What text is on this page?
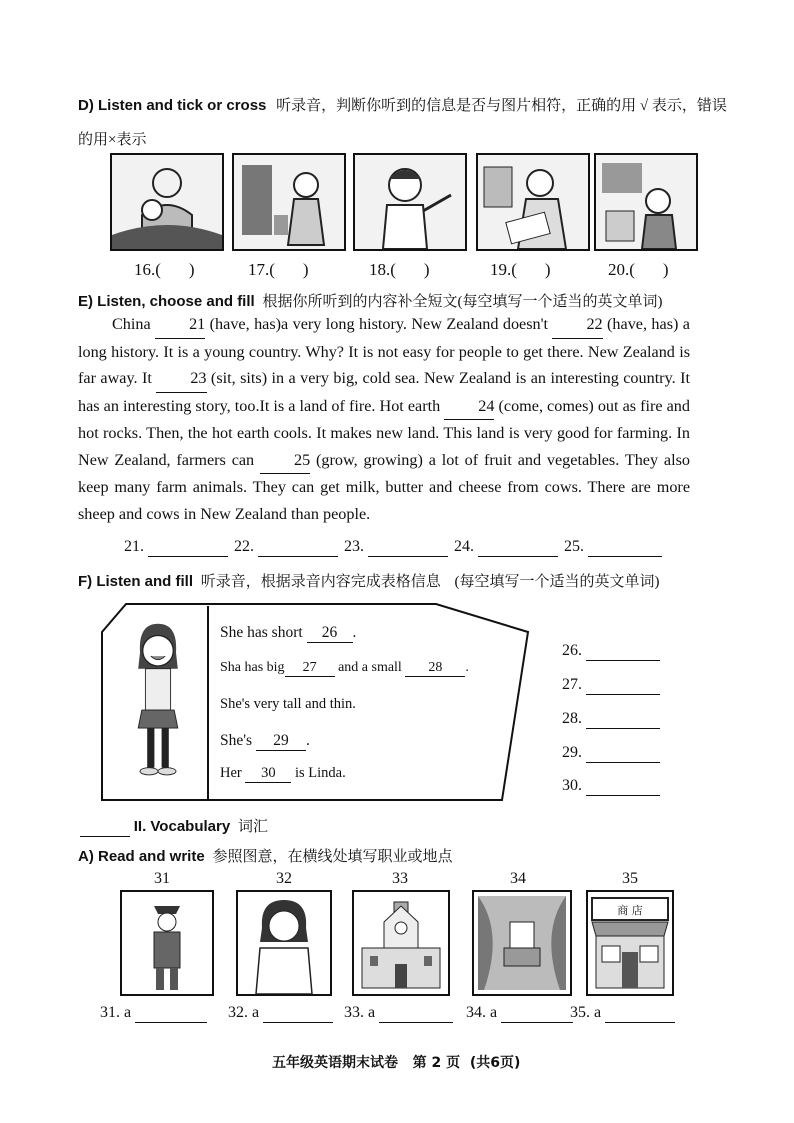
D) Listen and tick or cross 听录音，判断你听到的信息是否与图片相符，正确的用 √ 表示，错误
的用×表示
16.( )	17.( )	18.( )	19.( )	20.( )
E) Listen, choose and fill 根据你所听到的内容补全短文(每空填写一个适当的英文单词)

China 21 (have, has)a very long history. New Zealand doesn't 22 (have, has) a long history. It is a young country. Why? It is not easy for people to get there. New Zealand is far away. It 23 (sit, sits) in a very big, cold sea. New Zealand is an interesting country. It has an interesting story, too.It is a land of fire. Hot earth 24 (come, comes) out as fire and hot rocks. Then, the hot earth cools. It makes new land. This land is very good for farming. In New Zealand, farmers can 25 (grow, growing) a lot of fruit and vegetables. They also keep many farm animals. They can get milk, butter and cheese from cows. There are more sheep and cows in New Zealand than people.

21.	22.	23.	24.	25.
F) Listen and fill 听录音，根据录音内容完成表格信息 (每空填写一个适当的英文单词)
She has short 26 .
Sha has big 27 and a small 28 .
She's very tall and thin.
She's 29 .
Her 30 is Linda.
26.
27.
28.
29.
30.
II. Vocabulary 词汇
A) Read and write 参照图意，在横线处填写职业或地点
31	32	33	34	35
商 店
31. a	32. a	33. a	34. a	35. a
五年级英语期末试卷   第 2 页  (共6页)
